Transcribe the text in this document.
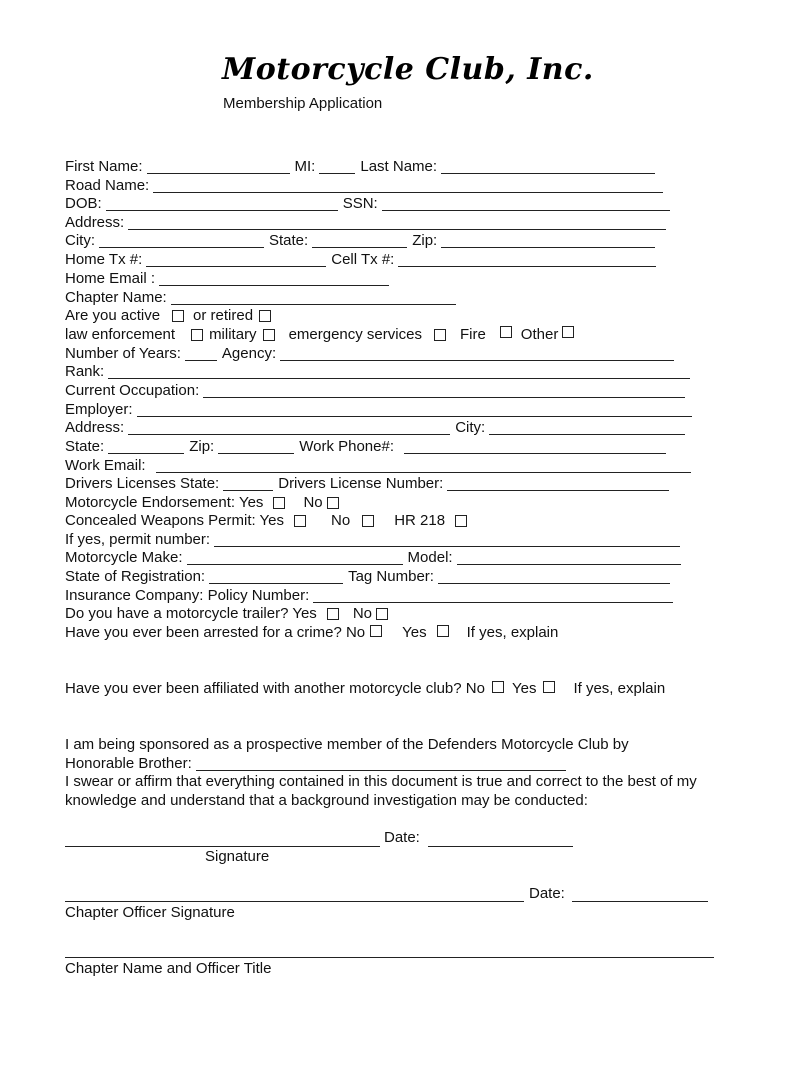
Motorcycle Club, Inc.
Membership Application
First Name:	MI:	Last Name:
Road Name:
DOB:	SSN:
Address:
City:	State:	Zip:
Home Tx #:	Cell Tx #:
Home Email :
Chapter Name:
Are you active or retired
law enforcement military emergency services	Fire Other
Number of Years:	Agency:
Rank:
Current Occupation:
Employer:
Address:	City:
State:	Zip:	Work Phone#:
Work Email:
Drivers Licenses State:	Drivers License Number:
Motorcycle Endorsement: Yes	No
Concealed Weapons Permit: Yes	No	HR 218
If yes, permit number:
Motorcycle Make:	Model:
State of Registration:	Tag Number:
Insurance Company: Policy Number:
Do you have a motorcycle trailer? Yes No
Have you ever been arrested for a crime? No Yes	If yes, explain
Have you ever been affiliated with another motorcycle club? No Yes If yes, explain
I am being sponsored as a prospective member of the Defenders Motorcycle Club by
Honorable Brother:
I swear or affirm that everything contained in this document is true and correct to the best of my knowledge and understand that a background investigation may be conducted:
Date:
Signature
Date:
Chapter Officer Signature
Chapter Name and Officer Title
